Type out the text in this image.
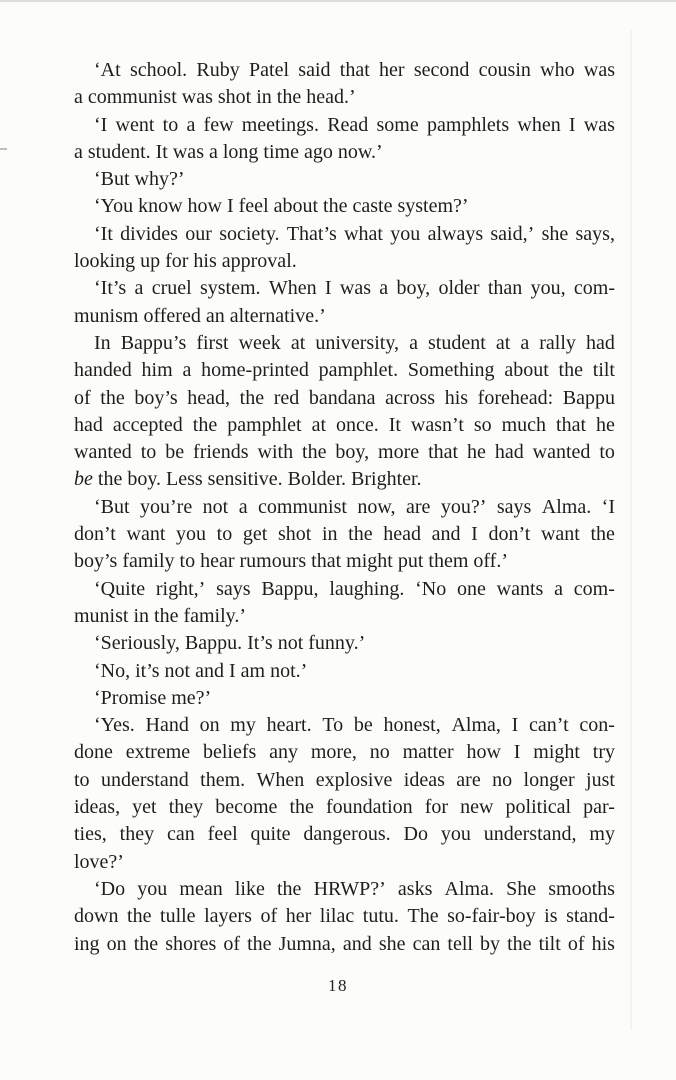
‘At school. Ruby Patel said that her second cousin who was
a communist was shot in the head.’
‘I went to a few meetings. Read some pamphlets when I was
a student. It was a long time ago now.’
‘But why?’
‘You know how I feel about the caste system?’
‘It divides our society. That’s what you always said,’ she says,
looking up for his approval.
‘It’s a cruel system. When I was a boy, older than you, com-
munism offered an alternative.’
In Bappu’s first week at university, a student at a rally had
handed him a home-printed pamphlet. Something about the tilt
of the boy’s head, the red bandana across his forehead: Bappu
had accepted the pamphlet at once. It wasn’t so much that he
wanted to be friends with the boy, more that he had wanted to
be the boy. Less sensitive. Bolder. Brighter.
‘But you’re not a communist now, are you?’ says Alma. ‘I
don’t want you to get shot in the head and I don’t want the
boy’s family to hear rumours that might put them off.’
‘Quite right,’ says Bappu, laughing. ‘No one wants a com-
munist in the family.’
‘Seriously, Bappu. It’s not funny.’
‘No, it’s not and I am not.’
‘Promise me?’
‘Yes. Hand on my heart. To be honest, Alma, I can’t con-
done extreme beliefs any more, no matter how I might try
to understand them. When explosive ideas are no longer just
ideas, yet they become the foundation for new political par-
ties, they can feel quite dangerous. Do you understand, my
love?’
‘Do you mean like the HRWP?’ asks Alma. She smooths
down the tulle layers of her lilac tutu. The so-fair-boy is stand-
ing on the shores of the Jumna, and she can tell by the tilt of his
18
